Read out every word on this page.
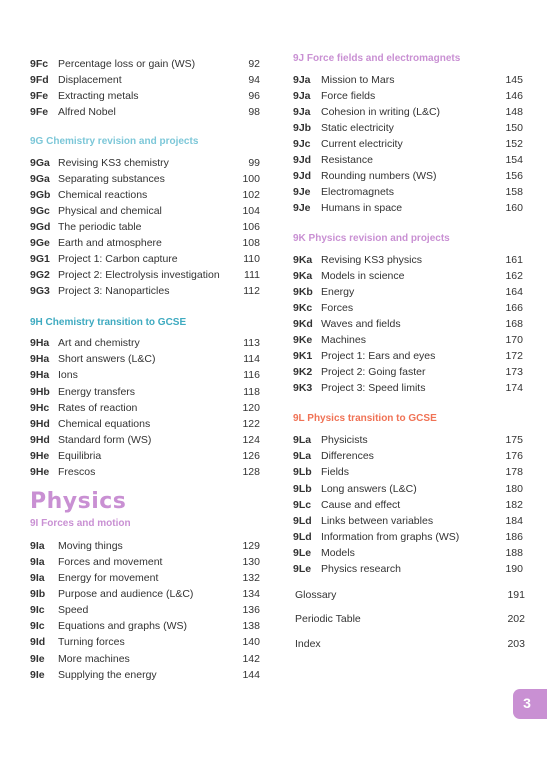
9Fc Percentage loss or gain (WS)	92
9Fd Displacement	94
9Fe Extracting metals	96
9Fe Alfred Nobel	98
9G Chemistry revision and projects
9Ga Revising KS3 chemistry	99
9Ga Separating substances	100
9Gb Chemical reactions	102
9Gc Physical and chemical	104
9Gd The periodic table	106
9Ge Earth and atmosphere	108
9G1 Project 1: Carbon capture	110
9G2 Project 2: Electrolysis investigation 111
9G3 Project 3: Nanoparticles	112
9H Chemistry transition to GCSE
9Ha Art and chemistry	113
9Ha Short answers (L&C)	114
9Ha Ions	116
9Hb Energy transfers	118
9Hc Rates of reaction	120
9Hd Chemical equations	122
9Hd Standard form (WS)	124
9He Equilibria	126
9He Frescos	128
Physics
9I Forces and motion
9Ia Moving things	129
9Ia Forces and movement	130
9Ia Energy for movement	132
9Ib Purpose and audience (L&C)	134
9Ic Speed	136
9Ic Equations and graphs (WS)	138
9Id Turning forces	140
9Ie More machines	142
9Ie Supplying the energy	144
9J Force fields and electromagnets
9Ja Mission to Mars	145
9Ja Force fields	146
9Ja Cohesion in writing (L&C)	148
9Jb Static electricity	150
9Jc Current electricity	152
9Jd Resistance	154
9Jd Rounding numbers (WS)	156
9Je Electromagnets	158
9Je Humans in space	160
9K Physics revision and projects
9Ka Revising KS3 physics	161
9Ka Models in science	162
9Kb Energy	164
9Kc Forces	166
9Kd Waves and fields	168
9Ke Machines	170
9K1 Project 1: Ears and eyes	172
9K2 Project 2: Going faster	173
9K3 Project 3: Speed limits	174
9L Physics transition to GCSE
9La Physicists	175
9La Differences	176
9Lb Fields	178
9Lb Long answers (L&C)	180
9Lc Cause and effect	182
9Ld Links between variables	184
9Ld Information from graphs (WS)	186
9Le Models	188
9Le Physics research	190
Glossary	191
Periodic Table	202
Index	203
3
